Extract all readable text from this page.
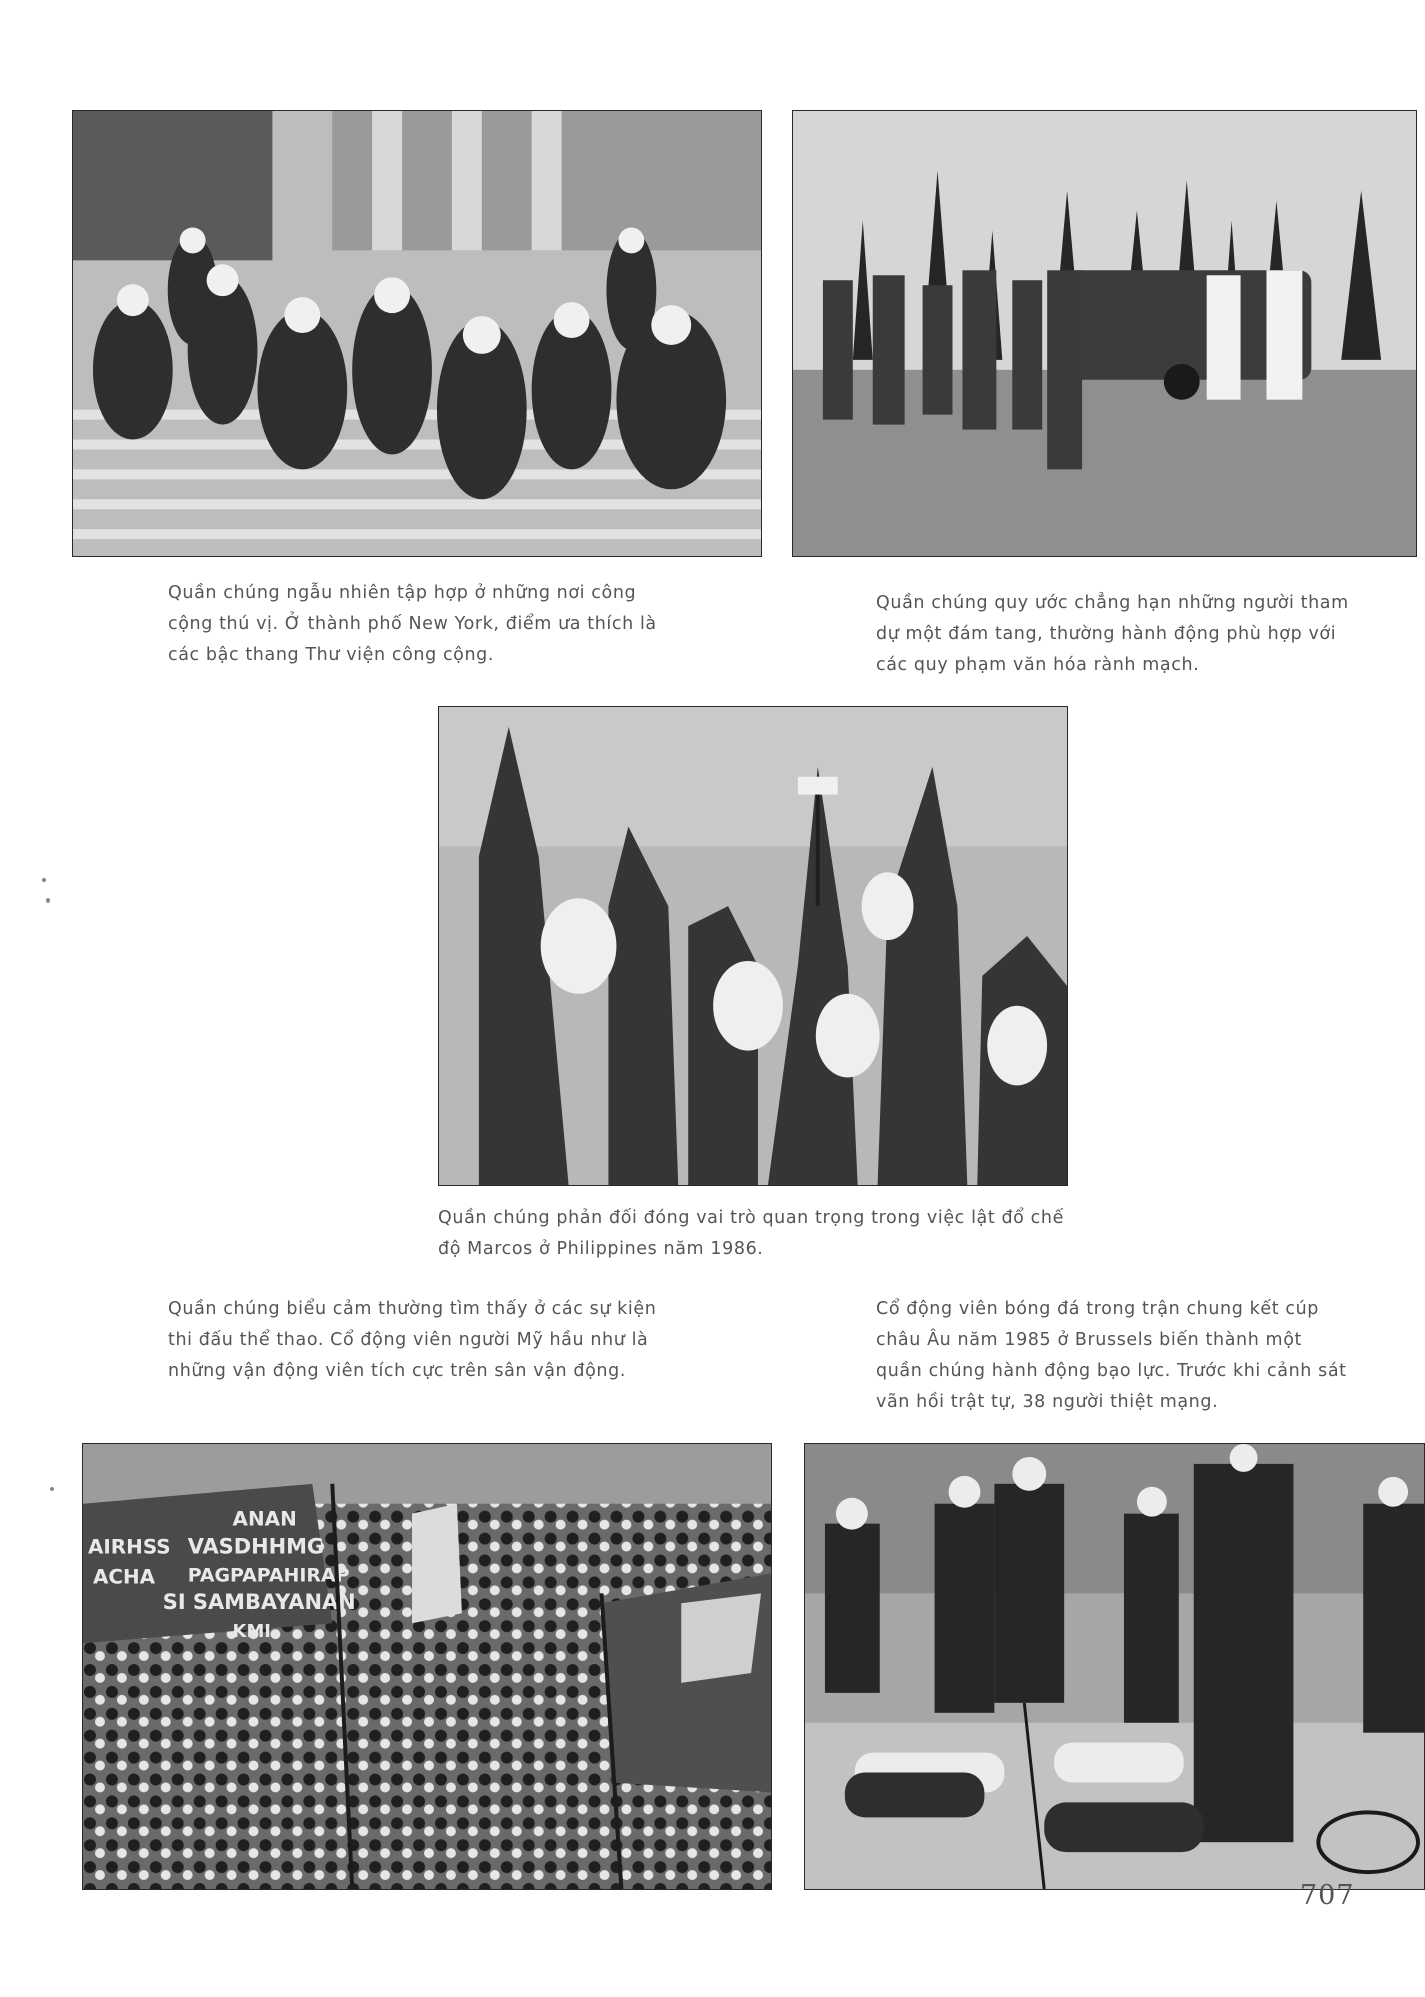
Quần chúng ngẫu nhiên tập hợp ở những nơi công cộng thú vị. Ở thành phố New York, điểm ưa thích là các bậc thang Thư viện công cộng.

Quần chúng quy ước chẳng hạn những người tham dự một đám tang, thường hành động phù hợp với các quy phạm văn hóa rành mạch.

Quần chúng phản đối đóng vai trò quan trọng trong việc lật đổ chế độ Marcos ở Philippines năm 1986.

Quần chúng biểu cảm thường tìm thấy ở các sự kiện thi đấu thể thao. Cổ động viên người Mỹ hầu như là những vận động viên tích cực trên sân vận động.

Cổ động viên bóng đá trong trận chung kết cúp châu Âu năm 1985 ở Brussels biến thành một quần chúng hành động bạo lực. Trước khi cảnh sát vãn hồi trật tự, 38 người thiệt mạng.

ANAN
VASDHHMG
PAGPAPAHIRAP
SI SAMBAYANAN
AIRHSS
ACHA
KMI
707
